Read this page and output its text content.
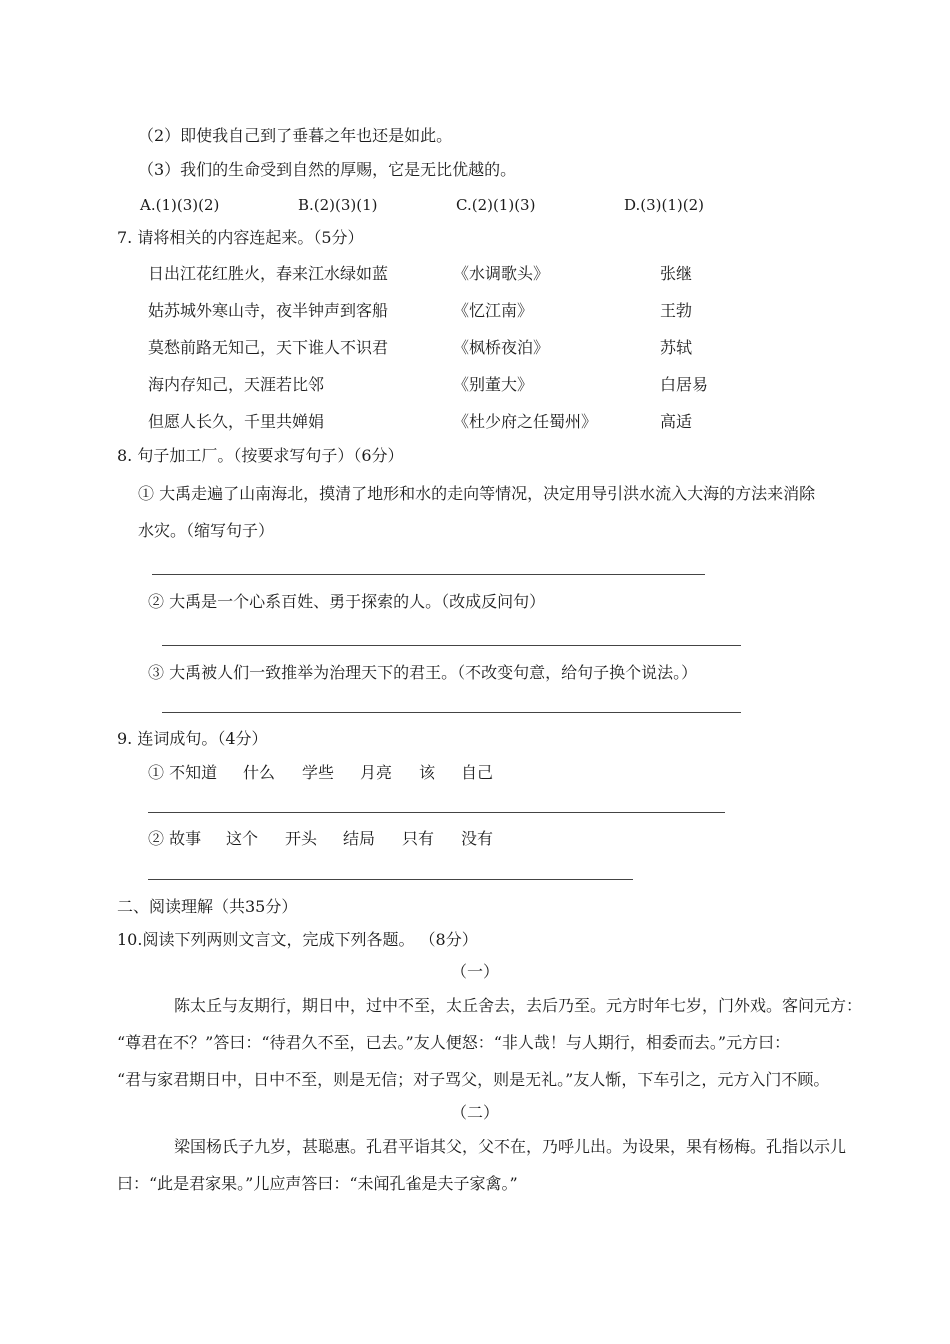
（2）即使我自己到了垂暮之年也还是如此。
（3）我们的生命受到自然的厚赐，它是无比优越的。
A.(1)(3)(2)	B.(2)(3)(1)	C.(2)(1)(3)	D.(3)(1)(2)
7. 请将相关的内容连起来。（5分）
日出江花红胜火，春来江水绿如蓝	《水调歌头》	张继
姑苏城外寒山寺，夜半钟声到客船	《忆江南》	王勃
莫愁前路无知己，天下谁人不识君	《枫桥夜泊》	苏轼
海内存知己，天涯若比邻	《别董大》	白居易
但愿人长久，千里共婵娟	《杜少府之任蜀州》	高适
8. 句子加工厂。（按要求写句子）（6分）
① 大禹走遍了山南海北，摸清了地形和水的走向等情况，决定用导引洪水流入大海的方法来消除
水灾。（缩写句子）
② 大禹是一个心系百姓、勇于探索的人。（改成反问句）
③ 大禹被人们一致推举为治理天下的君王。（不改变句意，给句子换个说法。）
9. 连词成句。（4分）
① 不知道 什么 学些 月亮 该 自己
② 故事 这个 开头 结局 只有 没有
二、阅读理解（共35分）
10.阅读下列两则文言文，完成下列各题。 （8分）
（一）
陈太丘与友期行，期日中，过中不至，太丘舍去，去后乃至。元方时年七岁，门外戏。客问元方：
“尊君在不？”答曰：“待君久不至，已去。”友人便怒：“非人哉！与人期行，相委而去。”元方曰：
“君与家君期日中，日中不至，则是无信；对子骂父，则是无礼。”友人惭，下车引之，元方入门不顾。
（二）
梁国杨氏子九岁，甚聪惠。孔君平诣其父，父不在，乃呼儿出。为设果，果有杨梅。孔指以示儿
曰：“此是君家果。”儿应声答曰：“未闻孔雀是夫子家禽。”
